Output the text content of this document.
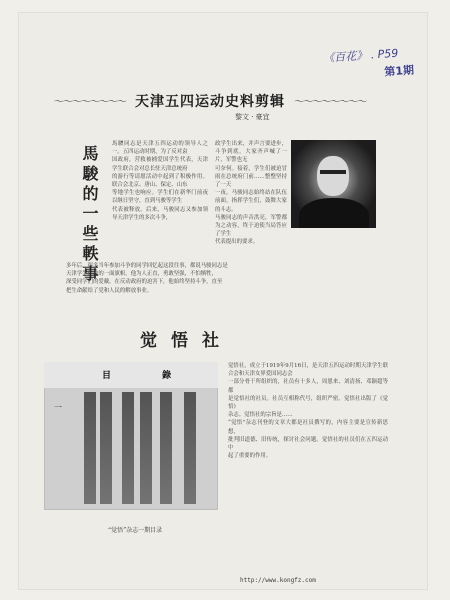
《百花》 . P59
第1期
～～～～～～～～ 天津五四运动史料剪辑 ～～～～～～～～
黎文 · 豪宜
馬駿的一些軼事
馬駿同志是天津五四运动的领导人之一。五四运动时期，为了反对袁
国政府，营救被捕爱国学生代表，天津学生联合会对总长驻天津总统府
的游行等请愿活动中起到了积极作用。联合会北京、唐山、保定、山东
等地学生也响应。学生们在新华门前夜以继日坚守，直到马骏等学生
代表被释放。后来，马骏同志又参加领导天津学生的多次斗争，
政学生出来，并声言要进步，斗争到底。大家齐声喊了一片，军警也无
可奈何。接着，学生们被迫冒雨在总统府门前……整整坚持了一天
一夜。马骏同志始终站在队伍前面，指挥学生们，鼓舞大家的斗志。
马骏同志的声音洪亮，军警都为之动容，终于迫使当局答应了学生
代表提出的要求。
多年后，很多当年参加斗争的同学回忆起这段往事，都说马骏同志是
天津学生运动的一面旗帜。他为人正直，勇敢坚强，不怕牺牲，
深受同学们的爱戴。在反动政府的迫害下，他始终坚持斗争，直至
把生命献给了党和人民的解放事业。
觉悟社
目 錄
一
觉悟社，成立于1919年9月16日，是天津五四运动时期天津学生联合会和天津女界爱国同志会
一部分骨干所组织的，社员有十多人，周恩来、刘清扬、邓颖超等都
是觉悟社的社员。社员互相称代号，组织严密。觉悟社出版了《觉悟》
杂志。觉悟社的宗旨是……
“觉悟”杂志刊登的文章大都是社员撰写的，内容主要是宣传新思想，
批判旧道德、旧传统，探讨社会问题。觉悟社的社员们在五四运动中
起了重要的作用。
“觉悟”杂志一期目录
http://www.kongfz.com
